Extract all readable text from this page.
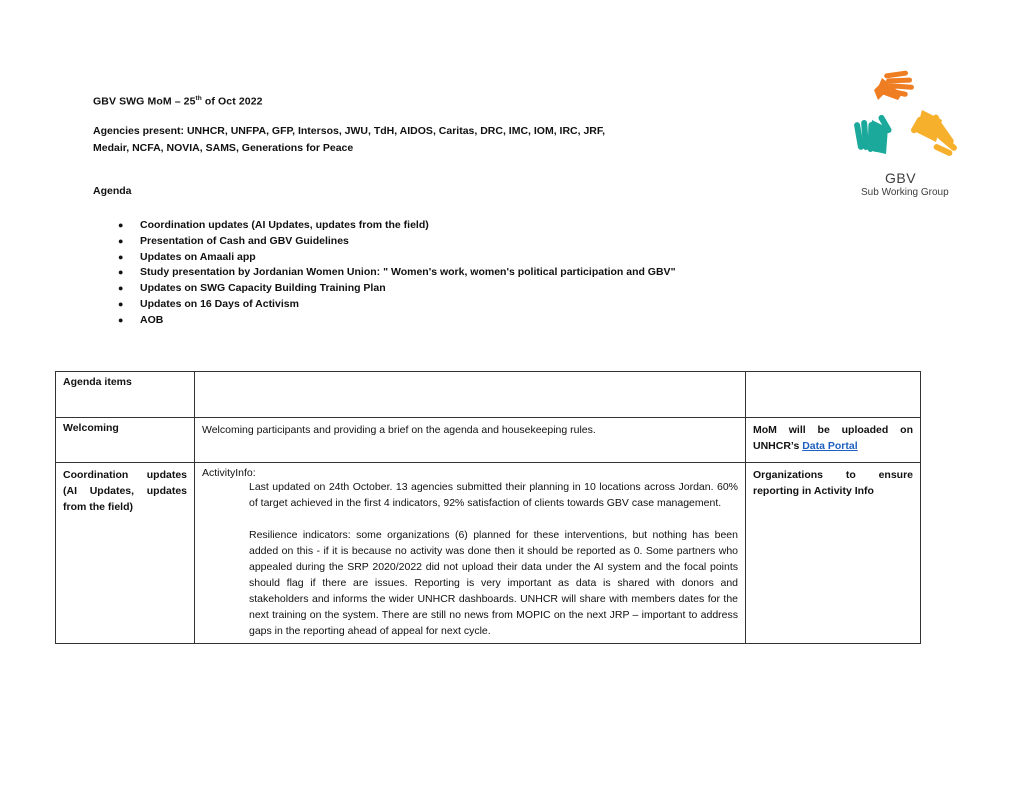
GBV SWG MoM – 25th of Oct 2022
Agencies present: UNHCR, UNFPA, GFP, Intersos, JWU, TdH, AIDOS, Caritas, DRC, IMC, IOM, IRC, JRF,
Medair, NCFA, NOVIA, SAMS, Generations for Peace
Agenda
● Coordination updates (AI Updates, updates from the field)
● Presentation of Cash and GBV Guidelines
● Updates on Amaali app
● Study presentation by Jordanian Women Union: " Women's work, women's political participation and GBV"
● Updates on SWG Capacity Building Training Plan
● Updates on 16 Days of Activism
● AOB
GBV
Sub Working Group
Agenda items		
Welcoming	Welcoming participants and providing a brief on the agenda and housekeeping rules.	MoM will be uploaded on UNHCR’s Data Portal
Coordination updates (AI Updates, updates from the field)	ActivityInfo:
Last updated on 24th October. 13 agencies submitted their planning in 10 locations across Jordan. 60% of target achieved in the first 4 indicators, 92% satisfaction of clients towards GBV case management.
Resilience indicators: some organizations (6) planned for these interventions, but nothing has been added on this - if it is because no activity was done then it should be reported as 0. Some partners who appealed during the SRP 2020/2022 did not upload their data under the AI system and the focal points should flag if there are issues. Reporting is very important as data is shared with donors and stakeholders and informs the wider UNHCR dashboards. UNHCR will share with members dates for the next training on the system. There are still no news from MOPIC on the next JRP – important to address gaps in the reporting ahead of appeal for next cycle.	Organizations to ensure reporting in Activity Info
